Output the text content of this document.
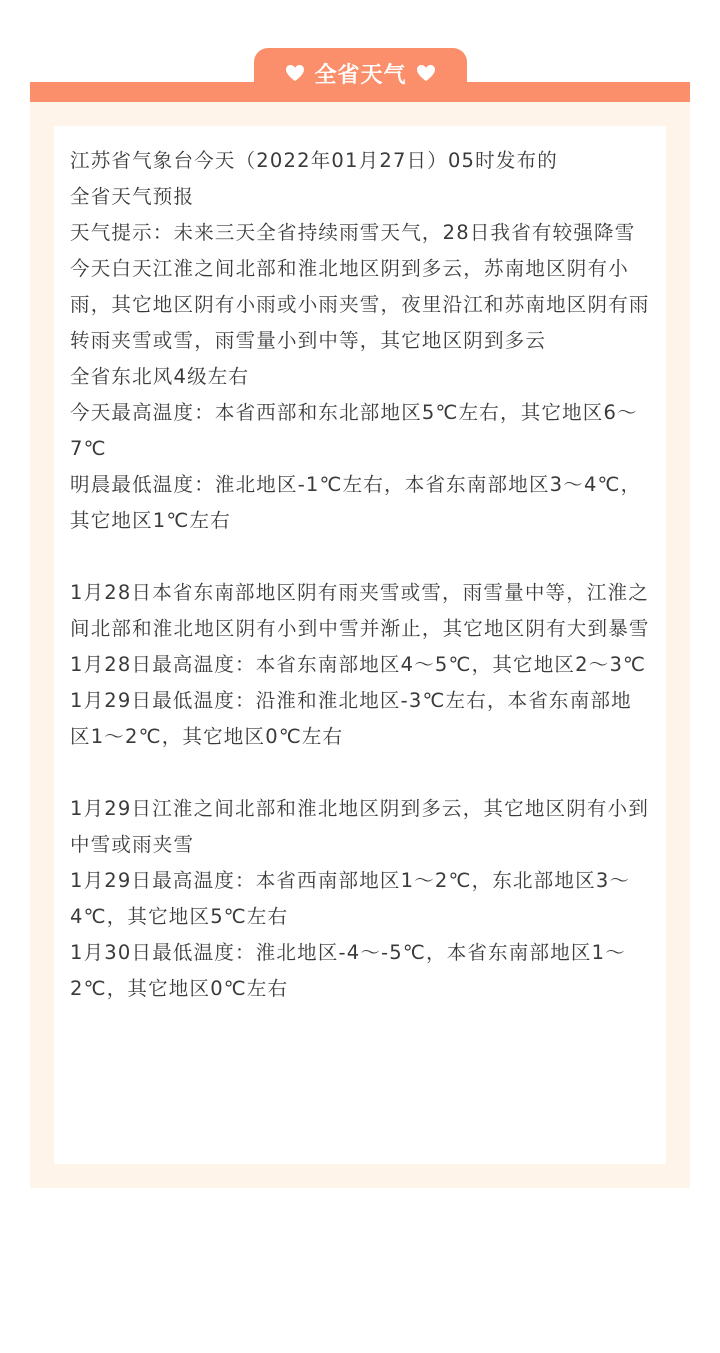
全省天气

江苏省气象台今天（2022年01月27日）05时发布的

全省天气预报

天气提示：未来三天全省持续雨雪天气，28日我省有较强降雪

今天白天江淮之间北部和淮北地区阴到多云，苏南地区阴有小雨，其它地区阴有小雨或小雨夹雪，夜里沿江和苏南地区阴有雨转雨夹雪或雪，雨雪量小到中等，其它地区阴到多云

全省东北风4级左右

今天最高温度：本省西部和东北部地区5℃左右，其它地区6～7℃

明晨最低温度：淮北地区-1℃左右，本省东南部地区3～4℃，其它地区1℃左右

1月28日本省东南部地区阴有雨夹雪或雪，雨雪量中等，江淮之间北部和淮北地区阴有小到中雪并渐止，其它地区阴有大到暴雪

1月28日最高温度：本省东南部地区4～5℃，其它地区2～3℃

1月29日最低温度：沿淮和淮北地区-3℃左右，本省东南部地区1～2℃，其它地区0℃左右

1月29日江淮之间北部和淮北地区阴到多云，其它地区阴有小到中雪或雨夹雪

1月29日最高温度：本省西南部地区1～2℃，东北部地区3～4℃，其它地区5℃左右

1月30日最低温度：淮北地区-4～-5℃，本省东南部地区1～2℃，其它地区0℃左右
